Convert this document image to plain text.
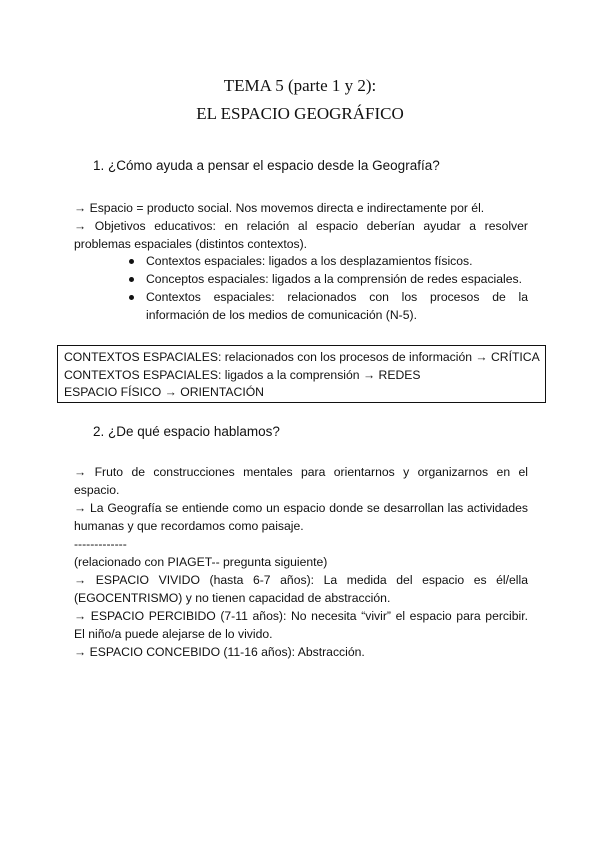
TEMA 5 (parte 1 y 2):
EL ESPACIO GEOGRÁFICO
1. ¿Cómo ayuda a pensar el espacio desde la Geografía?
→ Espacio = producto social. Nos movemos directa e indirectamente por él.
→ Objetivos educativos: en relación al espacio deberían ayudar a resolver
problemas espaciales (distintos contextos).
Contextos espaciales: ligados a los desplazamientos físicos.
Conceptos espaciales: ligados a la comprensión de redes espaciales.
Contextos espaciales: relacionados con los procesos de la
información de los medios de comunicación (N-5).
CONTEXTOS ESPACIALES: relacionados con los procesos de información → CRÍTICA
CONTEXTOS ESPACIALES: ligados a la comprensión → REDES
ESPACIO FÍSICO → ORIENTACIÓN
2. ¿De qué espacio hablamos?
→ Fruto de construcciones mentales para orientarnos y organizarnos en el
espacio.
→ La Geografía se entiende como un espacio donde se desarrollan las actividades
humanas y que recordamos como paisaje.
-------------
(relacionado con PIAGET-- pregunta siguiente)
→ ESPACIO VIVIDO (hasta 6-7 años): La medida del espacio es él/ella
(EGOCENTRISMO) y no tienen capacidad de abstracción.
→ ESPACIO PERCIBIDO (7-11 años): No necesita “vivir” el espacio para percibir.
El niño/a puede alejarse de lo vivido.
→ ESPACIO CONCEBIDO (11-16 años): Abstracción.
